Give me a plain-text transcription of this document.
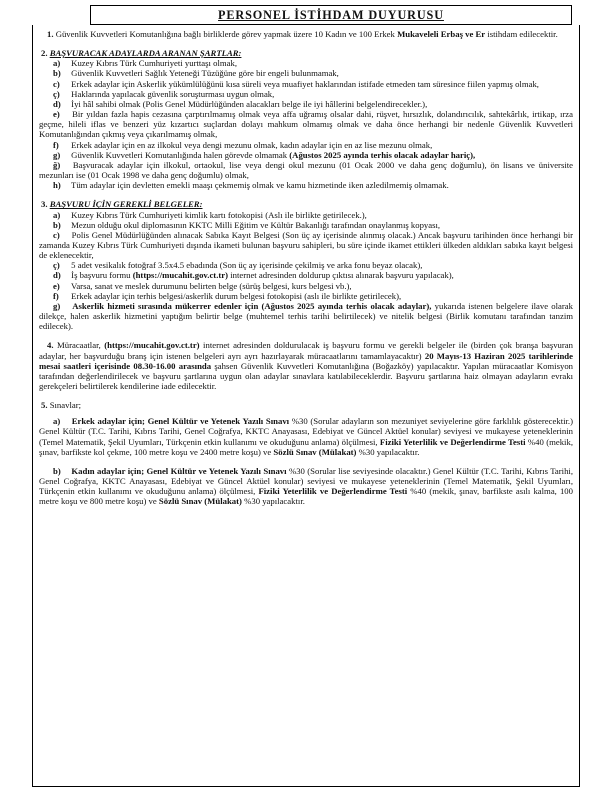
PERSONEL İSTİHDAM DUYURUSU

1. Güvenlik Kuvvetleri Komutanlığına bağlı birliklerde görev yapmak üzere 10 Kadın ve 100 Erkek Mukaveleli Erbaş ve Er istihdam edilecektir.

2. BAŞVURACAK ADAYLARDA ARANAN ŞARTLAR:

a) Kuzey Kıbrıs Türk Cumhuriyeti yurttaşı olmak,

b) Güvenlik Kuvvetleri Sağlık Yeteneği Tüzüğüne göre bir engeli bulunmamak,

c) Erkek adaylar için Askerlik yükümlülüğünü kısa süreli veya muafiyet haklarından istifade etmeden tam süresince fiilen yapmış olmak,

ç) Haklarında yapılacak güvenlik soruşturması uygun olmak,

d) İyi hâl sahibi olmak (Polis Genel Müdürlüğünden alacakları belge ile iyi hâllerini belgelendirecekler.),

e) Bir yıldan fazla hapis cezasına çarptırılmamış olmak veya affa uğramış olsalar dahi, rüşvet, hırsızlık, dolandırıcılık, sahtekârlık, irtikap, ırza geçme, hileli iflas ve benzeri yüz kızartıcı suçlardan dolayı mahkum olmamış olmak ve daha önce herhangi bir nedenle Güvenlik Kuvvetleri Komutanlığından çıkmış veya çıkarılmamış olmak,

f) Erkek adaylar için en az ilkokul veya dengi mezunu olmak, kadın adaylar için en az lise mezunu olmak,

g) Güvenlik Kuvvetleri Komutanlığında halen görevde olmamak (Ağustos 2025 ayında terhis olacak adaylar hariç),

ğ) Başvuracak adaylar için ilkokul, ortaokul, lise veya dengi okul mezunu (01 Ocak 2000 ve daha genç doğumlu), ön lisans ve üniversite mezunları ise (01 Ocak 1998 ve daha genç doğumlu) olmak,

h) Tüm adaylar için devletten emekli maaşı çekmemiş olmak ve kamu hizmetinde iken azledilmemiş olmamak.

3. BAŞVURU İÇİN GEREKLİ BELGELER:

a) Kuzey Kıbrıs Türk Cumhuriyeti kimlik kartı fotokopisi (Aslı ile birlikte getirilecek.),

b) Mezun olduğu okul diplomasının KKTC Milli Eğitim ve Kültür Bakanlığı tarafından onaylanmış kopyası,

c) Polis Genel Müdürlüğünden alınacak Sabıka Kayıt Belgesi (Son üç ay içerisinde alınmış olacak.) Ancak başvuru tarihinden önce herhangi bir zamanda Kuzey Kıbrıs Türk Cumhuriyeti dışında ikameti bulunan başvuru sahipleri, bu süre içinde ikamet ettikleri ülkeden aldıkları sabıka kayıt belgesi de eklenecektir,

ç) 5 adet vesikalık fotoğraf 3.5x4.5 ebadında (Son üç ay içerisinde çekilmiş ve arka fonu beyaz olacak),

d) İş başvuru formu (https://mucahit.gov.ct.tr) internet adresinden doldurup çıktısı alınarak başvuru yapılacak),

e) Varsa, sanat ve meslek durumunu belirten belge (sürüş belgesi, kurs belgesi vb.),

f) Erkek adaylar için terhis belgesi/askerlik durum belgesi fotokopisi (aslı ile birlikte getirilecek),

g) Askerlik hizmeti sırasında mükerrer edenler için (Ağustos 2025 ayında terhis olacak adaylar), yukarıda istenen belgelere ilave olarak dilekçe, halen askerlik hizmetini yaptığım belirtir belge (muhtemel terhis tarihi belirtilecek) ve nitelik belgesi (Birlik komutanı tarafından tanzim edilecek).

4. Müracaatlar, (https://mucahit.gov.ct.tr) internet adresinden doldurulacak iş başvuru formu ve gerekli belgeler ile (birden çok branşa başvuran adaylar, her başvurduğu branş için istenen belgeleri ayrı ayrı hazırlayarak müracaatlarını tamamlayacaktır) 20 Mayıs-13 Haziran 2025 tarihlerinde mesai saatleri içerisinde 08.30-16.00 arasında şahsen Güvenlik Kuvvetleri Komutanlığına (Boğazköy) yapılacaktır. Yapılan müracaatlar Komisyon tarafından değerlendirilecek ve başvuru şartlarına uygun olan adaylar sınavlara katılabileceklerdir. Başvuru şartlarına haiz olmayan adayların evrakı gerekçeleri belirtilerek kendilerine iade edilecektir.

5. Sınavlar;

a) Erkek adaylar için; Genel Kültür ve Yetenek Yazılı Sınavı %30 (Sorular adayların son mezuniyet seviyelerine göre farklılık gösterecektir.) Genel Kültür (T.C. Tarihi, Kıbrıs Tarihi, Genel Coğrafya, KKTC Anayasası, Edebiyat ve Güncel Aktüel konular) seviyesi ve mukayese yeteneklerinin (Temel Matematik, Şekil Uyumları, Türkçenin etkin kullanımı ve okuduğunu anlama) ölçülmesi, Fiziki Yeterlilik ve Değerlendirme Testi %40 (mekik, şınav, barfikste kol çekme, 100 metre koşu ve 2400 metre koşu) ve Sözlü Sınav (Mülakat) %30 yapılacaktır.

b) Kadın adaylar için; Genel Kültür ve Yetenek Yazılı Sınavı %30 (Sorular lise seviyesinde olacaktır.) Genel Kültür (T.C. Tarihi, Kıbrıs Tarihi, Genel Coğrafya, KKTC Anayasası, Edebiyat ve Güncel Aktüel konular) seviyesi ve mukayese yeteneklerinin (Temel Matematik, Şekil Uyumları, Türkçenin etkin kullanımı ve okuduğunu anlama) ölçülmesi, Fiziki Yeterlilik ve Değerlendirme Testi %40 (mekik, şınav, barfikste asılı kalma, 100 metre koşu ve 800 metre koşu) ve Sözlü Sınav (Mülakat) %30 yapılacaktır.
